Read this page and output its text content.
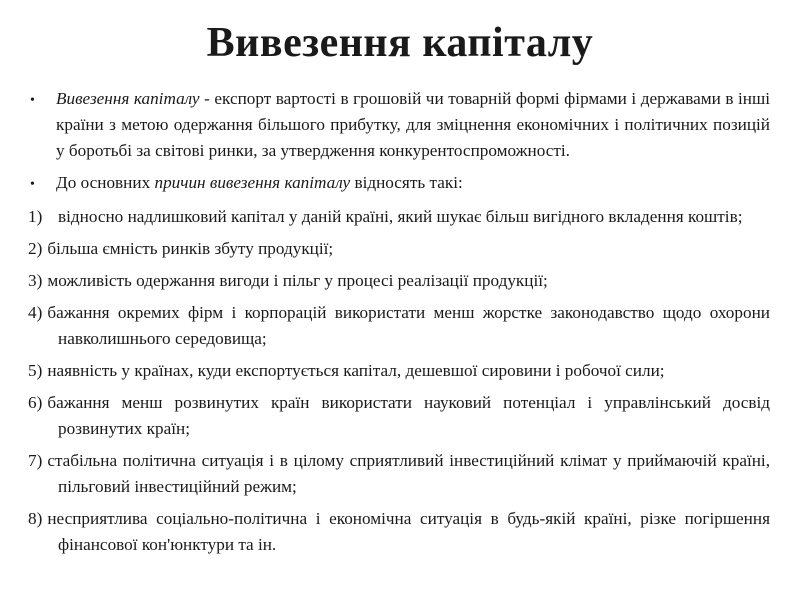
Вивезення капіталу
•
Вивезення капіталу - експорт вартості в грошовій чи товарній формі фірмами і державами в інші країни з метою одержання більшого прибутку, для зміцнення економічних і політичних позицій у боротьбі за світові ринки, за утвердження конкурентоспроможності.
•
До основних причин вивезення капіталу відносять такі:
1) відносно надлишковий капітал у даній країні, який шукає більш вигідного вкладення коштів;
2) більша ємність ринків збуту продукції;
3) можливість одержання вигоди і пільг у процесі реалізації продукції;
4) бажання окремих фірм і корпорацій використати менш жорстке законодавство щодо охорони навколишнього середовища;
5) наявність у країнах, куди експортується капітал, дешевшої сировини і робочої сили;
6) бажання менш розвинутих країн використати науковий потенціал і управлінський досвід розвинутих країн;
7) стабільна політична ситуація і в цілому сприятливий інвестиційний клімат у приймаючій країні, пільговий інвестиційний режим;
8) несприятлива соціально-політична і економічна ситуація в будь-якій країні, різке погіршення фінансової кон'юнктури та ін.
